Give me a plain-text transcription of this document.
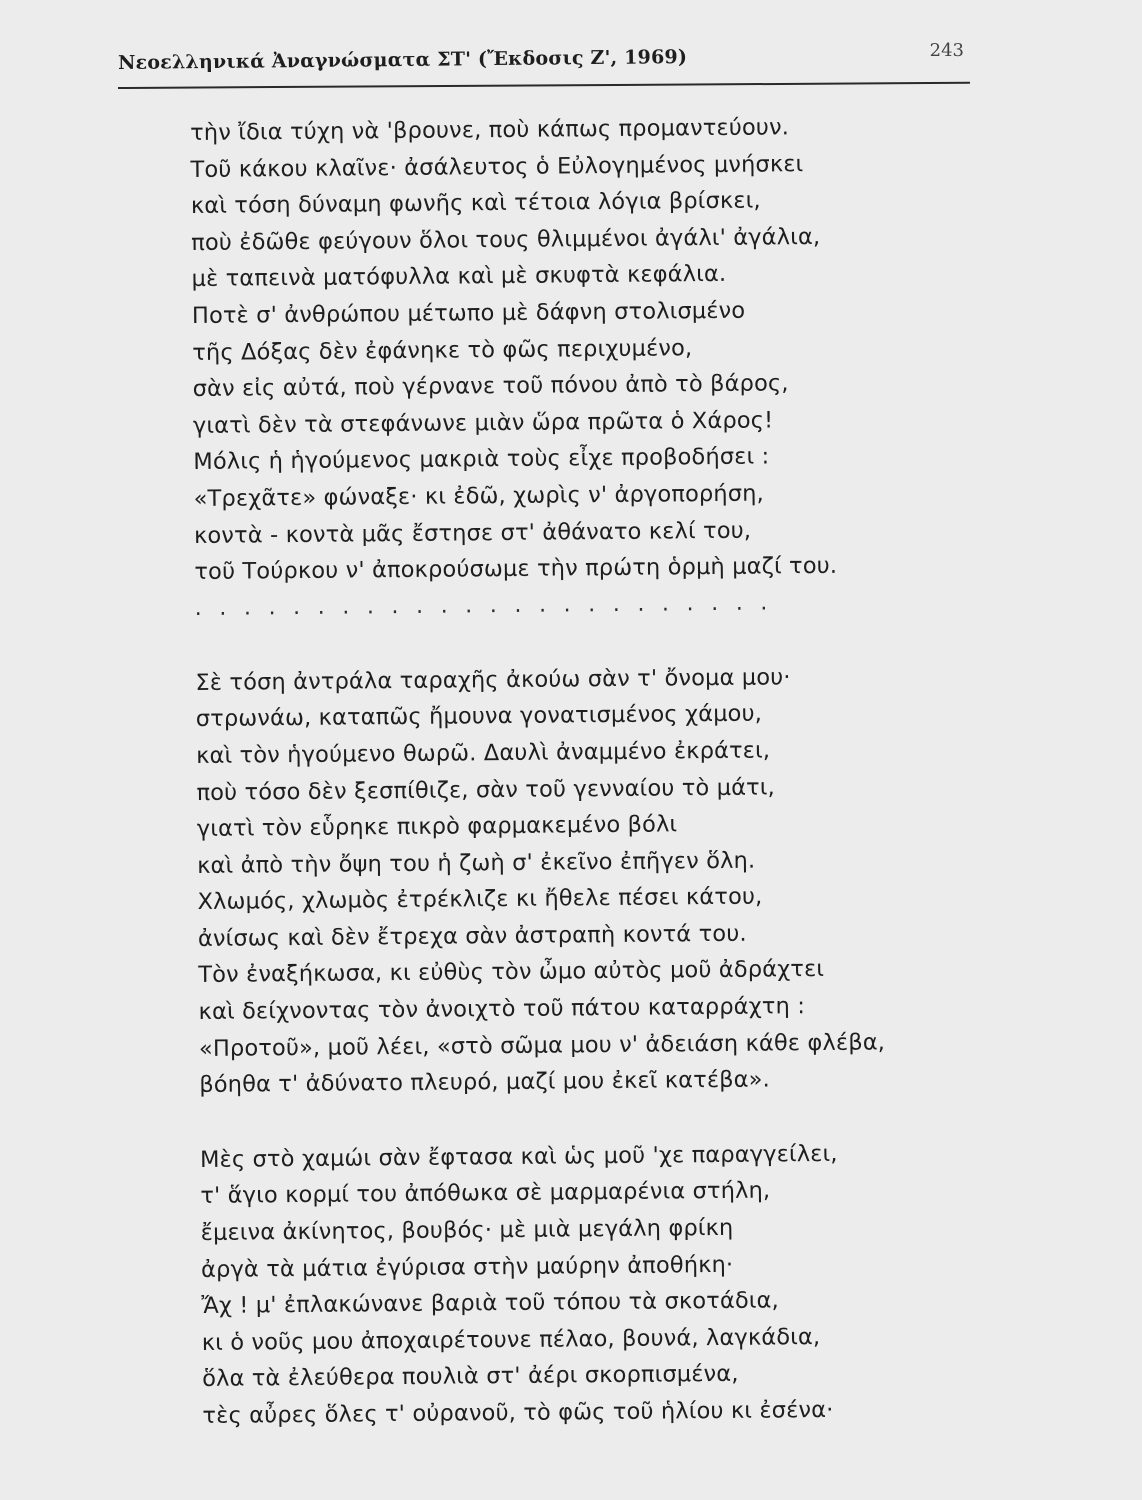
Νεοελληνικά Ἀναγνώσματα ΣΤ' (Ἔκδοσις Ζ', 1969)	243
τὴν ἴδια τύχη νὰ 'βρουνε, ποὺ κάπως προμαντεύουν.
Τοῦ κάκου κλαῖνε· ἀσάλευτος ὁ Εὐλογημένος μνήσκει
καὶ τόση δύναμη φωνῆς καὶ τέτοια λόγια βρίσκει,
ποὺ ἐδῶθε φεύγουν ὅλοι τους θλιμμένοι ἀγάλι' ἀγάλια,
μὲ ταπεινὰ ματόφυλλα καὶ μὲ σκυφτὰ κεφάλια.
Ποτὲ σ' ἀνθρώπου μέτωπο μὲ δάφνη στολισμένο
τῆς Δόξας δὲν ἐφάνηκε τὸ φῶς περιχυμένο,
σὰν εἰς αὐτά, ποὺ γέρνανε τοῦ πόνου ἀπὸ τὸ βάρος,
γιατὶ δὲν τὰ στεφάνωνε μιὰν ὥρα πρῶτα ὁ Χάρος!
Μόλις ἡ ἡγούμενος μακριὰ τοὺς εἶχε προβοδήσει :
«Τρεχᾶτε» φώναξε· κι ἐδῶ, χωρὶς ν' ἀργοπορήση,
κοντὰ - κοντὰ μᾶς ἔστησε στ' ἀθάνατο κελί του,
τοῦ Τούρκου ν' ἀποκρούσωμε τὴν πρώτη ὁρμὴ μαζί του.
........................
Σὲ τόση ἀντράλα ταραχῆς ἀκούω σὰν τ' ὄνομα μου·
στρωνάω, καταπῶς ἤμουνα γονατισμένος χάμου,
καὶ τὸν ἡγούμενο θωρῶ. Δαυλὶ ἀναμμένο ἐκράτει,
ποὺ τόσο δὲν ξεσπίθιζε, σὰν τοῦ γενναίου τὸ μάτι,
γιατὶ τὸν εὗρηκε πικρὸ φαρμακεμένο βόλι
καὶ ἀπὸ τὴν ὄψη του ἡ ζωὴ σ' ἐκεῖνο ἐπῆγεν ὅλη.
Χλωμός, χλωμὸς ἐτρέκλιζε κι ἤθελε πέσει κάτου,
ἀνίσως καὶ δὲν ἔτρεχα σὰν ἀστραπὴ κοντά του.
Τὸν ἐναξήκωσα, κι εὐθὺς τὸν ὦμο αὐτὸς μοῦ ἀδράχτει
καὶ δείχνοντας τὸν ἀνοιχτὸ τοῦ πάτου καταρράχτη :
«Προτοῦ», μοῦ λέει, «στὸ σῶμα μου ν' ἀδειάση κάθε φλέβα,
βόηθα τ' ἀδύνατο πλευρό, μαζί μου ἐκεῖ κατέβα».
Μὲς στὸ χαμώι σὰν ἔφτασα καὶ ὡς μοῦ 'χε παραγγείλει,
τ' ἅγιο κορμί του ἀπόθωκα σὲ μαρμαρένια στήλη,
ἔμεινα ἀκίνητος, βουβός· μὲ μιὰ μεγάλη φρίκη
ἀργὰ τὰ μάτια ἐγύρισα στὴν μαύρην ἀποθήκη·
Ἄχ ! μ' ἐπλακώνανε βαριὰ τοῦ τόπου τὰ σκοτάδια,
κι ὁ νοῦς μου ἀποχαιρέτουνε πέλαο, βουνά, λαγκάδια,
ὅλα τὰ ἐλεύθερα πουλιὰ στ' ἀέρι σκορπισμένα,
τὲς αὖρες ὅλες τ' οὐρανοῦ, τὸ φῶς τοῦ ἡλίου κι ἐσένα·
